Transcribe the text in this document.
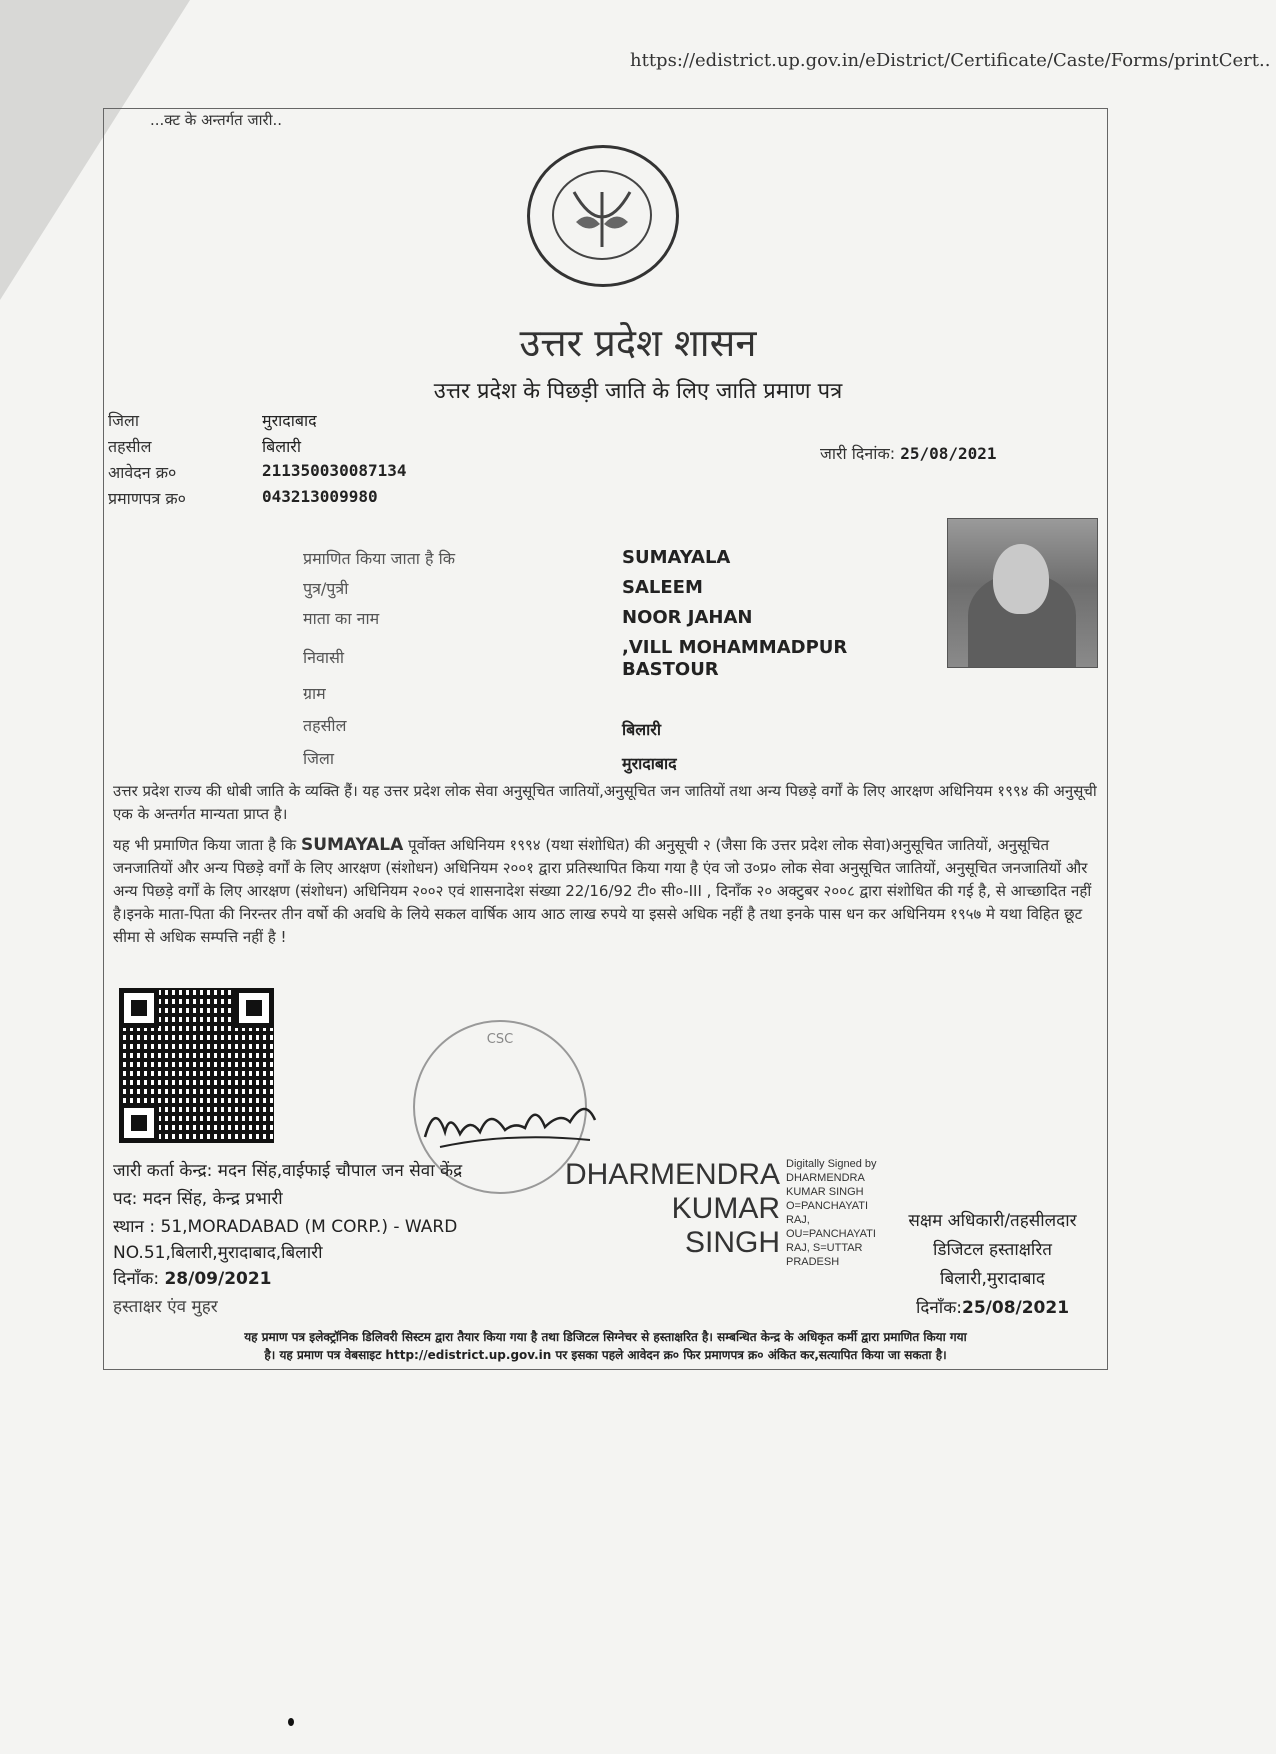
https://edistrict.up.gov.in/eDistrict/Certificate/Caste/Forms/printCert..
...क्ट के अन्तर्गत जारी..
उत्तर प्रदेश शासन
उत्तर प्रदेश के पिछड़ी जाति के लिए जाति प्रमाण पत्र
जिला	मुरादाबाद
तहसील	बिलारी
आवेदन क्र०	211350030087134
प्रमाणपत्र क्र०	043213009980
जारी दिनांक: 25/08/2021
प्रमाणित किया जाता है कि	SUMAYALA
पुत्र/पुत्री	SALEEM
माता का नाम	NOOR JAHAN
निवासी	,VILL MOHAMMADPUR BASTOUR
ग्राम
तहसील	बिलारी
जिला	मुरादाबाद
उत्तर प्रदेश राज्य की धोबी जाति के व्यक्ति हैं। यह उत्तर प्रदेश लोक सेवा अनुसूचित जातियों,अनुसूचित जन जातियों तथा अन्य पिछड़े वर्गों के लिए आरक्षण अधिनियम १९९४ की अनुसूची एक के अन्तर्गत मान्यता प्राप्त है।
यह भी प्रमाणित किया जाता है कि SUMAYALA पूर्वोक्त अधिनियम १९९४ (यथा संशोधित) की अनुसूची २ (जैसा कि उत्तर प्रदेश लोक सेवा)अनुसूचित जातियों, अनुसूचित जनजातियों और अन्य पिछड़े वर्गों के लिए आरक्षण (संशोधन) अधिनियम २००१ द्वारा प्रतिस्थापित किया गया है एंव जो उ०प्र० लोक सेवा अनुसूचित जातियों, अनुसूचित जनजातियों और अन्य पिछड़े वर्गों के लिए आरक्षण (संशोधन) अधिनियम २००२ एवं शासनादेश संख्या 22/16/92 टी० सी०-III , दिनाँक २० अक्टुबर २००८ द्वारा संशोधित की गई है, से आच्छादित नहीं है।इनके माता-पिता की निरन्तर तीन वर्षो की अवधि के लिये सकल वार्षिक आय आठ लाख रुपये या इससे अधिक नहीं है तथा इनके पास धन कर अधिनियम १९५७ मे यथा विहित छूट सीमा से अधिक सम्पत्ति नहीं है !
CSC
जारी कर्ता केन्द्र: मदन सिंह,वाईफाई चौपाल जन सेवा केंद्र
पद: मदन सिंह, केन्द्र प्रभारी
स्थान : 51,MORADABAD (M CORP.) - WARD NO.51,बिलारी,मुरादाबाद,बिलारी
दिनाँक: 28/09/2021
हस्ताक्षर एंव मुहर
DHARMENDRA
KUMAR
SINGH
Digitally Signed by DHARMENDRA KUMAR SINGH O=PANCHAYATI RAJ, OU=PANCHAYATI RAJ, S=UTTAR PRADESH
सक्षम अधिकारी/तहसीलदार
डिजिटल हस्ताक्षरित
बिलारी,मुरादाबाद
दिनाँक:25/08/2021
यह प्रमाण पत्र इलेक्ट्रॉनिक डिलिवरी सिस्टम द्वारा तैयार किया गया है तथा डिजिटल सिग्नेचर से हस्ताक्षरित है। सम्बन्धित केन्द्र के अधिकृत कर्मी द्वारा प्रमाणित किया गया
है। यह प्रमाण पत्र वेबसाइट http://edistrict.up.gov.in पर इसका पहले आवेदन क्र० फिर प्रमाणपत्र क्र० अंकित कर,सत्यापित किया जा सकता है।
